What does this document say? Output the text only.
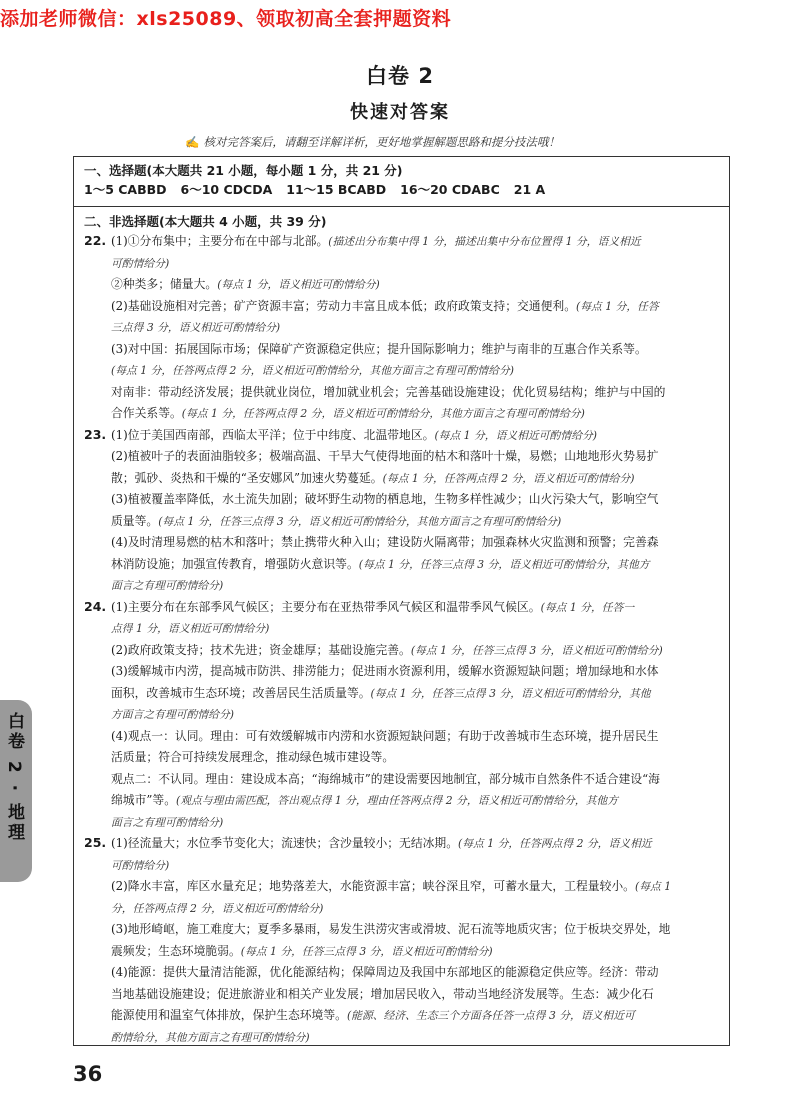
添加老师微信：xls25089、领取初高全套押题资料
白卷 2
快速对答案
✍ 核对完答案后，请翻至详解详析，更好地掌握解题思路和提分技法哦！
一、选择题(本大题共 21 小题，每小题 1 分，共 21 分)
1～5 CABBD 6～10 CDCDA 11～15 BCABD 16～20 CDABC 21 A
二、非选择题(本大题共 4 小题，共 39 分)
22. (1)①分布集中；主要分布在中部与北部。(描述出分布集中得 1 分，描述出集中分布位置得 1 分，语义相近
可酌情给分)
②种类多；储量大。(每点 1 分，语义相近可酌情给分)
(2)基础设施相对完善；矿产资源丰富；劳动力丰富且成本低；政府政策支持；交通便利。(每点 1 分，任答
三点得 3 分，语义相近可酌情给分)
(3)对中国：拓展国际市场；保障矿产资源稳定供应；提升国际影响力；维护与南非的互惠合作关系等。
(每点 1 分，任答两点得 2 分，语义相近可酌情给分，其他方面言之有理可酌情给分)
对南非：带动经济发展；提供就业岗位，增加就业机会；完善基础设施建设；优化贸易结构；维护与中国的
合作关系等。(每点 1 分，任答两点得 2 分，语义相近可酌情给分，其他方面言之有理可酌情给分)
23. (1)位于美国西南部，西临太平洋；位于中纬度、北温带地区。(每点 1 分，语义相近可酌情给分)
(2)植被叶子的表面油脂较多；极端高温、干旱大气使得地面的枯木和落叶十燥，易燃；山地地形火势易扩
散；弧砂、炎热和干燥的“圣安娜风”加速火势蔓延。(每点 1 分，任答两点得 2 分，语义相近可酌情给分)
(3)植被覆盖率降低，水土流失加剧；破坏野生动物的栖息地，生物多样性减少；山火污染大气，影响空气
质量等。(每点 1 分，任答三点得 3 分，语义相近可酌情给分，其他方面言之有理可酌情给分)
(4)及时清理易燃的枯木和落叶；禁止携带火种入山；建设防火隔离带；加强森林火灾监测和预警；完善森
林消防设施；加强宣传教育，增强防火意识等。(每点 1 分，任答三点得 3 分，语义相近可酌情给分，其他方
面言之有理可酌情给分)
24. (1)主要分布在东部季风气候区；主要分布在亚热带季风气候区和温带季风气候区。(每点 1 分，任答一
点得 1 分，语义相近可酌情给分)
(2)政府政策支持；技术先进；资金雄厚；基础设施完善。(每点 1 分，任答三点得 3 分，语义相近可酌情给分)
(3)缓解城市内涝，提高城市防洪、排涝能力；促进雨水资源利用，缓解水资源短缺问题；增加绿地和水体
面积，改善城市生态环境；改善居民生活质量等。(每点 1 分，任答三点得 3 分，语义相近可酌情给分，其他
方面言之有理可酌情给分)
(4)观点一：认同。理由：可有效缓解城市内涝和水资源短缺问题；有助于改善城市生态环境，提升居民生
活质量；符合可持续发展理念，推动绿色城市建设等。
观点二：不认同。理由：建设成本高；“海绵城市”的建设需要因地制宜，部分城市自然条件不适合建设“海
绵城市”等。(观点与理由需匹配，答出观点得 1 分，理由任答两点得 2 分，语义相近可酌情给分，其他方
面言之有理可酌情给分)
25. (1)径流量大；水位季节变化大；流速快；含沙量较小；无结冰期。(每点 1 分，任答两点得 2 分，语义相近
可酌情给分)
(2)降水丰富，库区水量充足；地势落差大，水能资源丰富；峡谷深且窄，可蓄水量大，工程量较小。(每点 1
分，任答两点得 2 分，语义相近可酌情给分)
(3)地形崎岖，施工难度大；夏季多暴雨，易发生洪涝灾害或滑坡、泥石流等地质灾害；位于板块交界处，地
震频发；生态环境脆弱。(每点 1 分，任答三点得 3 分，语义相近可酌情给分)
(4)能源：提供大量清洁能源，优化能源结构；保障周边及我国中东部地区的能源稳定供应等。经济：带动
当地基础设施建设；促进旅游业和相关产业发展；增加居民收入，带动当地经济发展等。生态：减少化石
能源使用和温室气体排放，保护生态环境等。(能源、经济、生态三个方面各任答一点得 3 分，语义相近可
酌情给分，其他方面言之有理可酌情给分)
白卷 2 · 地理
36
